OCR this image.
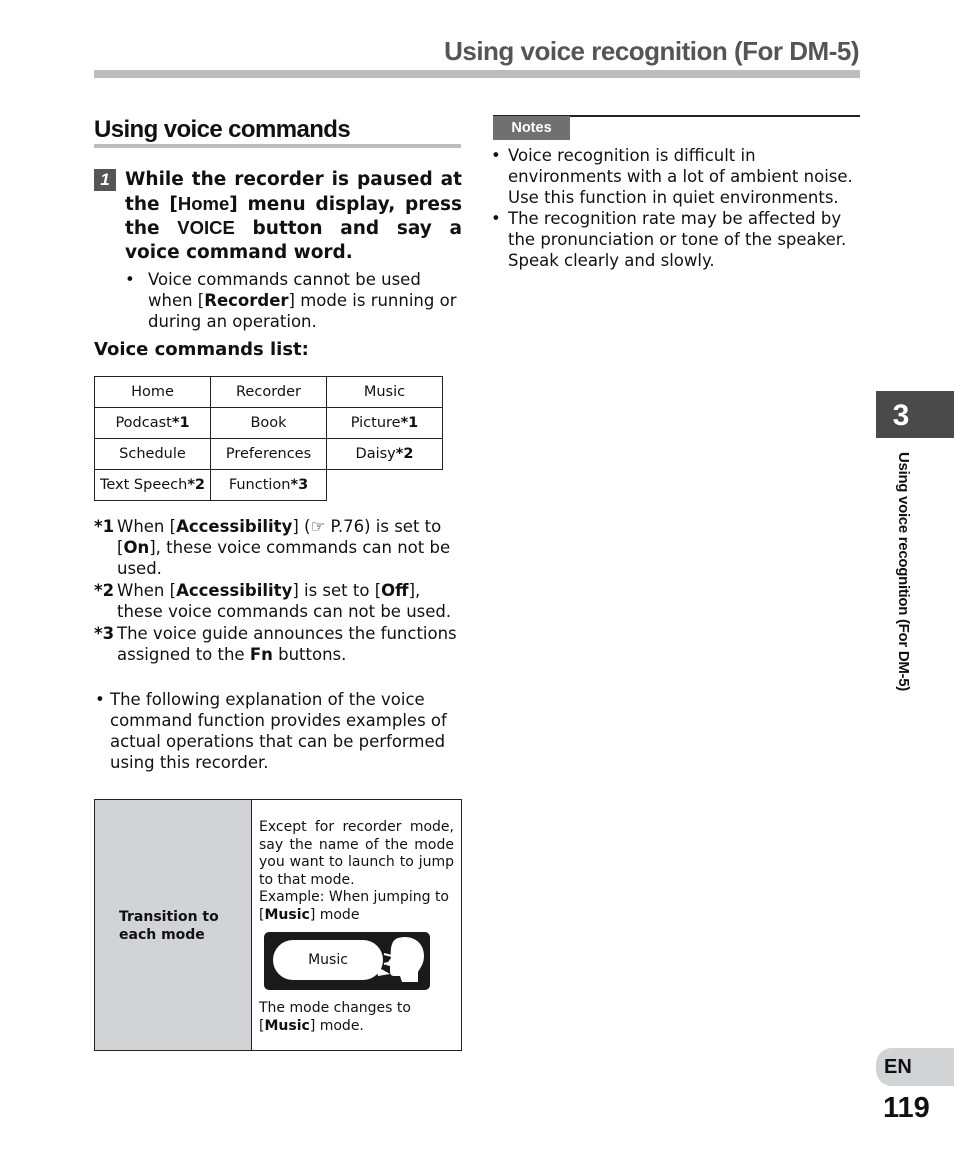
Using voice recognition (For DM-5)
Using voice commands
1 While the recorder is paused at the [Home] menu display, press the VOICE button and say a voice command word.
• Voice commands cannot be used when [Recorder] mode is running or during an operation.
Voice commands list:
Home	Recorder	Music
Podcast*1	Book	Picture*1
Schedule	Preferences	Daisy*2
Text Speech*2	Function*3	
*1 When [Accessibility] (☞ P.76) is set to [On], these voice commands can not be used.
*2 When [Accessibility] is set to [Off], these voice commands can not be used.
*3 The voice guide announces the functions assigned to the Fn buttons.
• The following explanation of the voice command function provides examples of actual operations that can be performed using this recorder.
Transition to each mode

Except for recorder mode, say the name of the mode you want to launch to jump to that mode.

Example: When jumping to [Music] mode

Music

The mode changes to [Music] mode.

Notes
• Voice recognition is difficult in environments with a lot of ambient noise. Use this function in quiet environments.
• The recognition rate may be affected by the pronunciation or tone of the speaker. Speak clearly and slowly.
3
Using voice recognition (For DM-5)
EN
119
